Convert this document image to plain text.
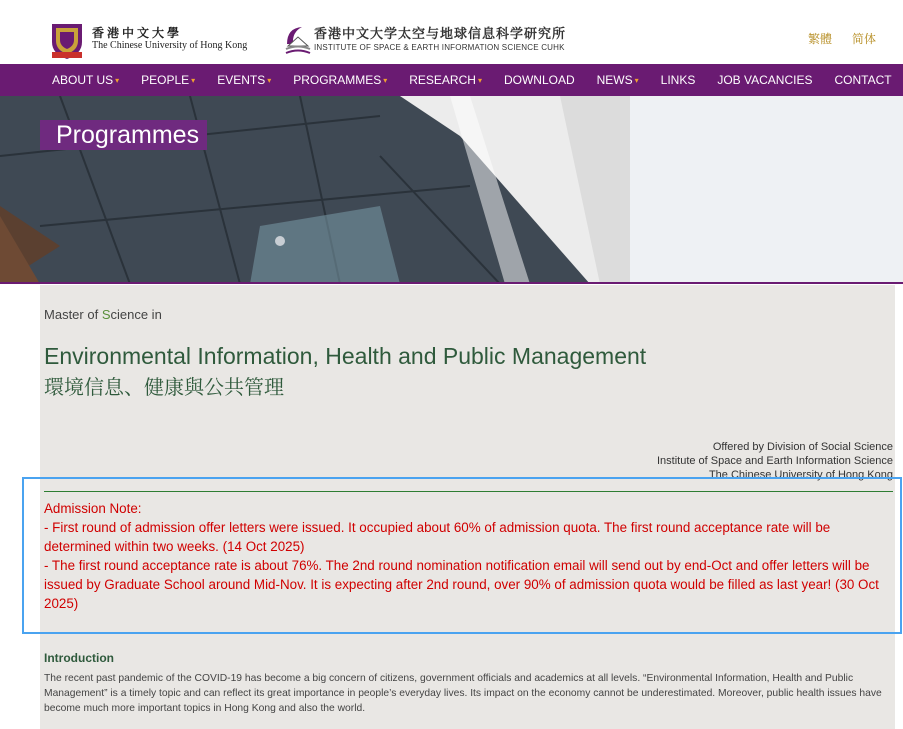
香港中文大學
The Chinese University of Hong Kong
香港中文大学太空与地球信息科学研究所
INSTITUTE OF SPACE & EARTH INFORMATION SCIENCE CUHK
繁體 简体
ABOUT US ▾ PEOPLE ▾ EVENTS ▾ PROGRAMMES ▾ RESEARCH ▾ DOWNLOAD NEWS ▾ LINKS JOB VACANCIES CONTACT
Programmes
Master of Science in
Environmental Information, Health and Public Management
環境信息、健康與公共管理
Offered by Division of Social Science
Institute of Space and Earth Information Science
The Chinese University of Hong Kong
Admission Note:
- First round of admission offer letters were issued. It occupied about 60% of admission quota. The first round acceptance rate will be determined within two weeks. (14 Oct 2025)
- The first round acceptance rate is about 76%. The 2nd round nomination notification email will send out by end-Oct and offer letters will be issued by Graduate School around Mid-Nov. It is expecting after 2nd round, over 90% of admission quota would be filled as last year! (30 Oct 2025)
Introduction
The recent past pandemic of the COVID-19 has become a big concern of citizens, government officials and academics at all levels. “Environmental Information, Health and Public Management” is a timely topic and can reflect its great importance in people’s everyday lives. Its impact on the economy cannot be underestimated. Moreover, public health issues have become much more important topics in Hong Kong and also the world.
